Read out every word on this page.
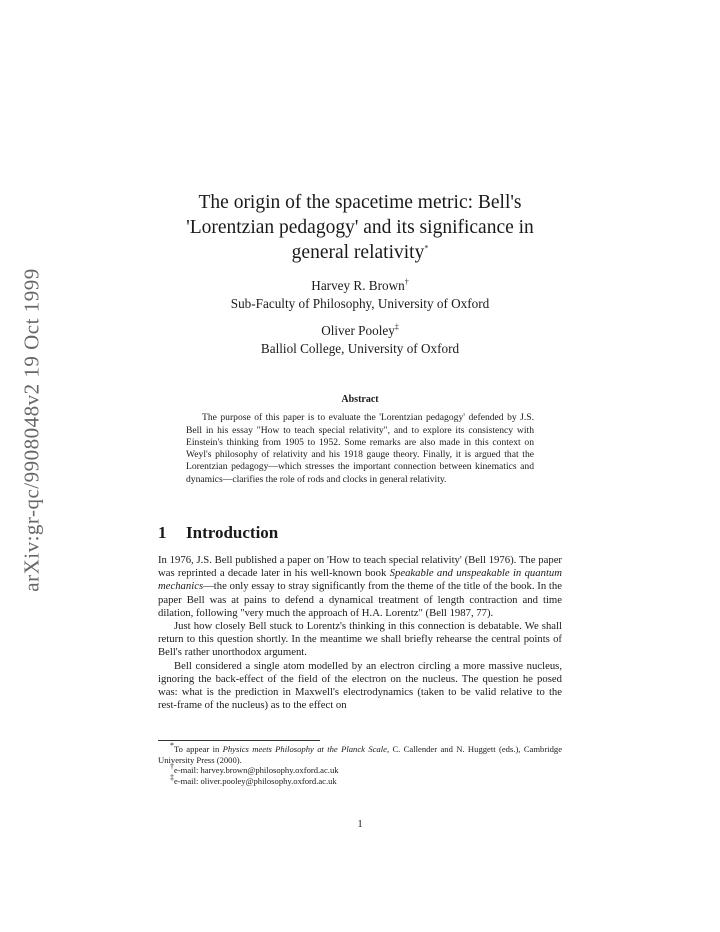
arXiv:gr-qc/9908048v2 19 Oct 1999
The origin of the spacetime metric: Bell's
'Lorentzian pedagogy' and its significance in
general relativity*
Harvey R. Brown†
Sub-Faculty of Philosophy, University of Oxford
Oliver Pooley‡
Balliol College, University of Oxford
Abstract
The purpose of this paper is to evaluate the 'Lorentzian pedagogy' defended by J.S. Bell in his essay "How to teach special relativity", and to explore its consistency with Einstein's thinking from 1905 to 1952. Some remarks are also made in this context on Weyl's philosophy of relativity and his 1918 gauge theory. Finally, it is argued that the Lorentzian pedagogy—which stresses the important connection between kinematics and dynamics—clarifies the role of rods and clocks in general relativity.
1 Introduction

In 1976, J.S. Bell published a paper on 'How to teach special relativity' (Bell 1976). The paper was reprinted a decade later in his well-known book Speakable and unspeakable in quantum mechanics—the only essay to stray significantly from the theme of the title of the book. In the paper Bell was at pains to defend a dynamical treatment of length contraction and time dilation, following "very much the approach of H.A. Lorentz" (Bell 1987, 77).

Just how closely Bell stuck to Lorentz's thinking in this connection is debatable. We shall return to this question shortly. In the meantime we shall briefly rehearse the central points of Bell's rather unorthodox argument.

Bell considered a single atom modelled by an electron circling a more massive nucleus, ignoring the back-effect of the field of the electron on the nucleus. The question he posed was: what is the prediction in Maxwell's electrodynamics (taken to be valid relative to the rest-frame of the nucleus) as to the effect on

*To appear in Physics meets Philosophy at the Planck Scale, C. Callender and N. Huggett (eds.), Cambridge University Press (2000).

†e-mail: harvey.brown@philosophy.oxford.ac.uk

‡e-mail: oliver.pooley@philosophy.oxford.ac.uk

1
